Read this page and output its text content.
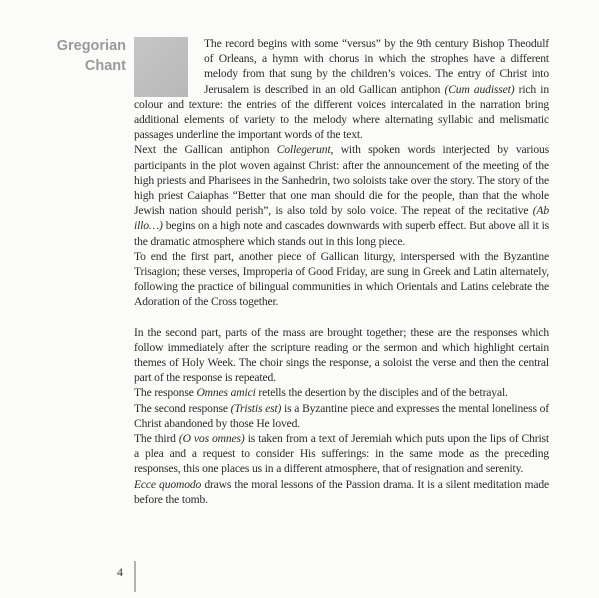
Gregorian
Chant

The record begins with some “versus” by the 9th century Bishop Theodulf of Orleans, a hymn with chorus in which the strophes have a different melody from that sung by the children’s voices. The entry of Christ into Jerusalem is described in an old Gallican antiphon (Cum audisset) rich in colour and texture: the entries of the different voices intercalated in the narration bring additional elements of variety to the melody where alternating syllabic and melismatic passages underline the important words of the text.

Next the Gallican antiphon Collegerunt, with spoken words interjected by various participants in the plot woven against Christ: after the announcement of the meeting of the high priests and Pharisees in the Sanhedrin, two soloists take over the story. The story of the high priest Caiaphas “Better that one man should die for the people, than that the whole Jewish nation should perish”, is also told by solo voice. The repeat of the recitative (Ab illo…) begins on a high note and cascades downwards with superb effect. But above all it is the dramatic atmosphere which stands out in this long piece.

To end the first part, another piece of Gallican liturgy, interspersed with the Byzantine Trisagion; these verses, Improperia of Good Friday, are sung in Greek and Latin alternately, following the practice of bilingual communities in which Orientals and Latins celebrate the Adoration of the Cross together.

In the second part, parts of the mass are brought together; these are the responses which follow immediately after the scripture reading or the sermon and which highlight certain themes of Holy Week. The choir sings the response, a soloist the verse and then the central part of the response is repeated.

The response Omnes amici retells the desertion by the disciples and of the betrayal.

The second response (Tristis est) is a Byzantine piece and expresses the mental loneliness of Christ abandoned by those He loved.

The third (O vos omnes) is taken from a text of Jeremiah which puts upon the lips of Christ a plea and a request to consider His sufferings: in the same mode as the preceding responses, this one places us in a different atmosphere, that of resignation and serenity.

Ecce quomodo draws the moral lessons of the Passion drama. It is a silent meditation made before the tomb.

4
